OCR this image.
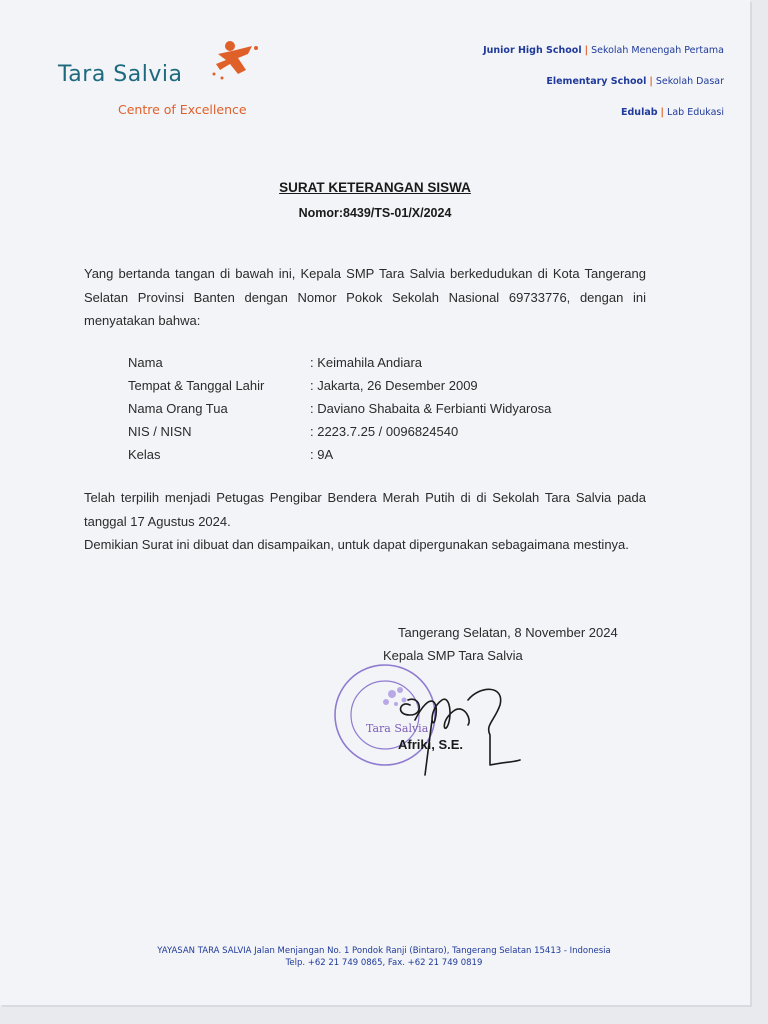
Tara Salvia
Centre of Excellence
Junior High School | Sekolah Menengah Pertama
Elementary School | Sekolah Dasar
Edulab | Lab Edukasi
SURAT KETERANGAN SISWA
Nomor:8439/TS-01/X/2024
Yang bertanda tangan di bawah ini, Kepala SMP Tara Salvia berkedudukan di Kota Tangerang Selatan Provinsi Banten dengan Nomor Pokok Sekolah Nasional 69733776, dengan ini menyatakan bahwa:
Nama	: Keimahila Andiara
Tempat & Tanggal Lahir	: Jakarta, 26 Desember 2009
Nama Orang Tua	: Daviano Shabaita & Ferbianti Widyarosa
NIS / NISN	: 2223.7.25 / 0096824540
Kelas	: 9A
Telah terpilih menjadi Petugas Pengibar Bendera Merah Putih di di Sekolah Tara Salvia pada tanggal 17 Agustus 2024.
Demikian Surat ini dibuat dan disampaikan, untuk dapat dipergunakan sebagaimana mestinya.
Tangerang Selatan, 8 November 2024
Kepala SMP Tara Salvia
Tara Salvia
Afriki, S.E.
YAYASAN TARA SALVIA Jalan Menjangan No. 1 Pondok Ranji (Bintaro), Tangerang Selatan 15413 - Indonesia
Telp. +62 21 749 0865, Fax. +62 21 749 0819
